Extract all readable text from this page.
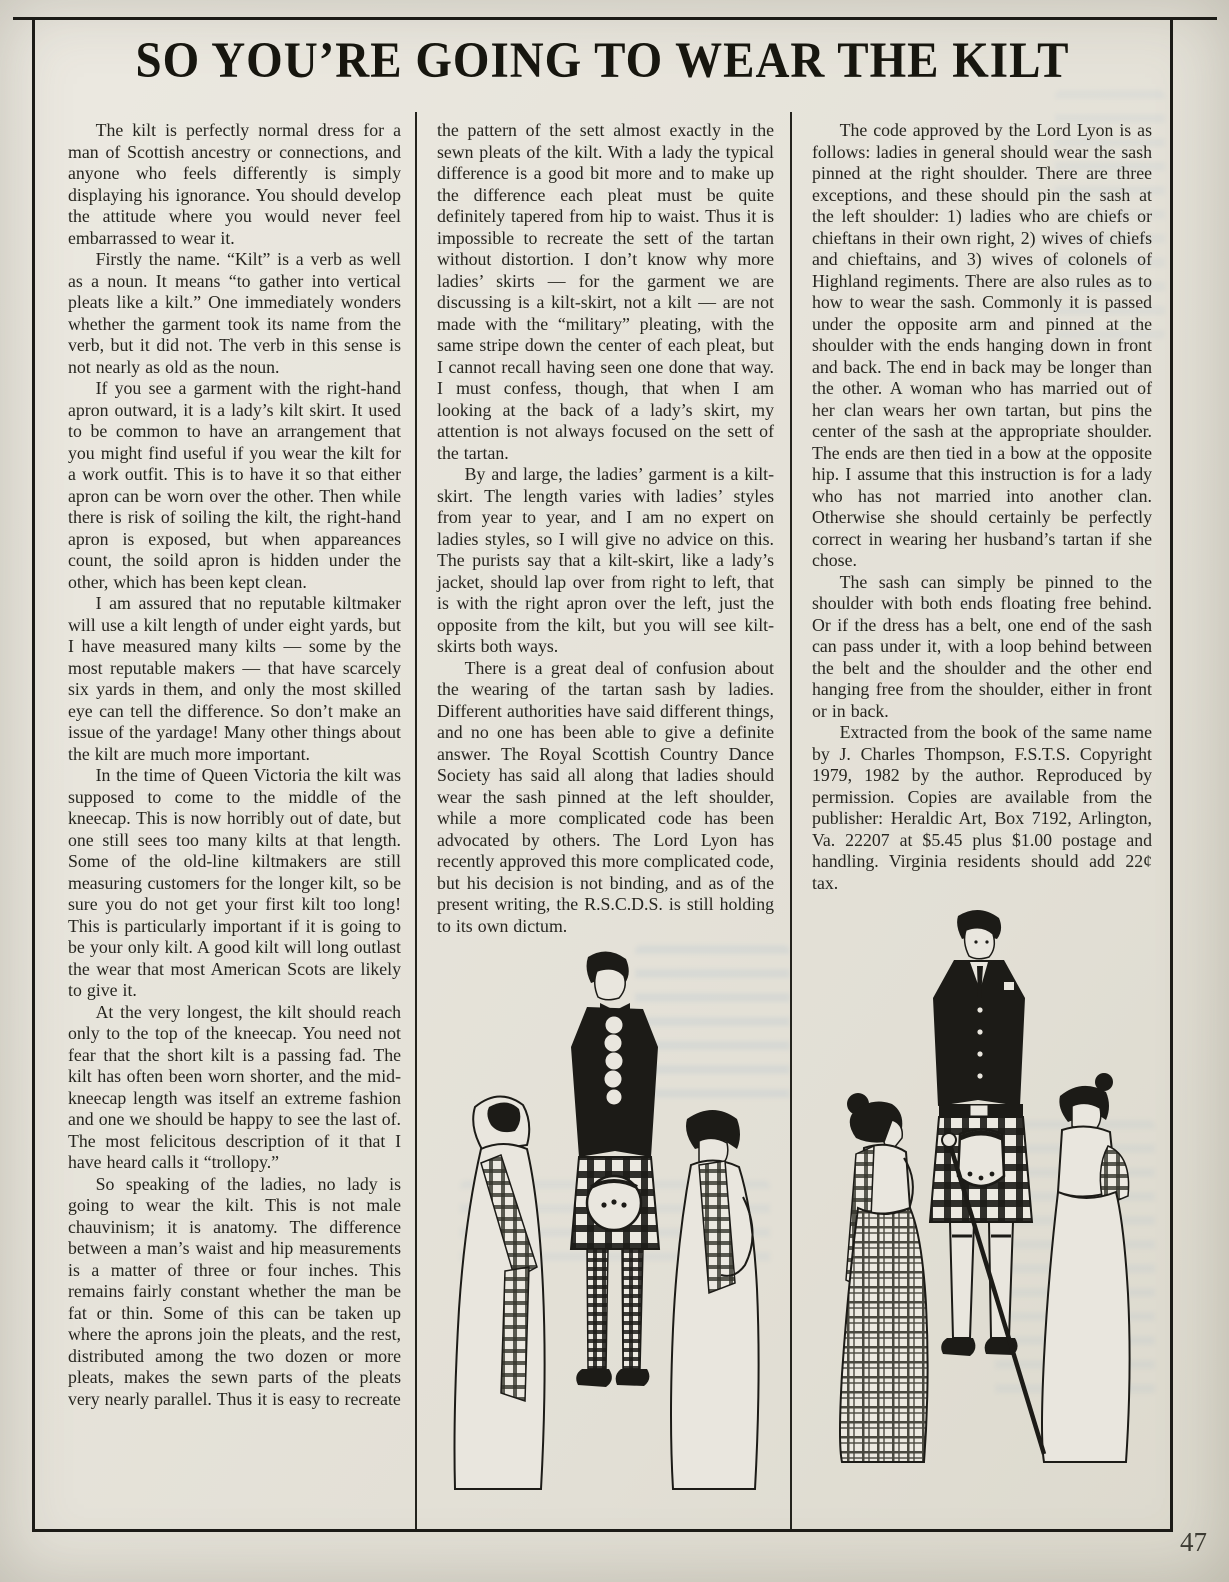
SO YOU’RE GOING TO WEAR THE KILT

The kilt is perfectly normal dress for a man of Scottish ancestry or connections, and anyone who feels differently is simply displaying his ignorance. You should develop the attitude where you would never feel embarrassed to wear it.

Firstly the name. “Kilt” is a verb as well as a noun. It means “to gather into vertical pleats like a kilt.” One immediately wonders whether the garment took its name from the verb, but it did not. The verb in this sense is not nearly as old as the noun.

If you see a garment with the right-hand apron outward, it is a lady’s kilt skirt. It used to be common to have an arrangement that you might find useful if you wear the kilt for a work outfit. This is to have it so that either apron can be worn over the other. Then while there is risk of soiling the kilt, the right-hand apron is exposed, but when appareances count, the soild apron is hidden under the other, which has been kept clean.

I am assured that no reputable kiltmaker will use a kilt length of under eight yards, but I have measured many kilts — some by the most reputable makers — that have scarcely six yards in them, and only the most skilled eye can tell the difference. So don’t make an issue of the yardage! Many other things about the kilt are much more important.

In the time of Queen Victoria the kilt was supposed to come to the middle of the kneecap. This is now horribly out of date, but one still sees too many kilts at that length. Some of the old-line kiltmakers are still measuring customers for the longer kilt, so be sure you do not get your first kilt too long! This is particularly important if it is going to be your only kilt. A good kilt will long outlast the wear that most American Scots are likely to give it.

At the very longest, the kilt should reach only to the top of the kneecap. You need not fear that the short kilt is a passing fad. The kilt has often been worn shorter, and the mid-kneecap length was itself an extreme fashion and one we should be happy to see the last of. The most felicitous description of it that I have heard calls it “trollopy.”

So speaking of the ladies, no lady is going to wear the kilt. This is not male chauvinism; it is anatomy. The difference between a man’s waist and hip measurements is a matter of three or four inches. This remains fairly constant whether the man be fat or thin. Some of this can be taken up where the aprons join the pleats, and the rest, distributed among the two dozen or more pleats, makes the sewn parts of the pleats very nearly parallel. Thus it is easy to recreate

the pattern of the sett almost exactly in the sewn pleats of the kilt. With a lady the typical difference is a good bit more and to make up the difference each pleat must be quite definitely tapered from hip to waist. Thus it is impossible to recreate the sett of the tartan without distortion. I don’t know why more ladies’ skirts — for the garment we are discussing is a kilt-skirt, not a kilt — are not made with the “military” pleating, with the same stripe down the center of each pleat, but I cannot recall having seen one done that way. I must confess, though, that when I am looking at the back of a lady’s skirt, my attention is not always focused on the sett of the tartan.

By and large, the ladies’ garment is a kilt-skirt. The length varies with ladies’ styles from year to year, and I am no expert on ladies styles, so I will give no advice on this. The purists say that a kilt-skirt, like a lady’s jacket, should lap over from right to left, that is with the right apron over the left, just the opposite from the kilt, but you will see kilt-skirts both ways.

There is a great deal of confusion about the wearing of the tartan sash by ladies. Different authorities have said different things, and no one has been able to give a definite answer. The Royal Scottish Country Dance Society has said all along that ladies should wear the sash pinned at the left shoulder, while a more complicated code has been advocated by others. The Lord Lyon has recently approved this more complicated code, but his decision is not binding, and as of the present writing, the R.S.C.D.S. is still holding to its own dictum.

The code approved by the Lord Lyon is as follows: ladies in general should wear the sash pinned at the right shoulder. There are three exceptions, and these should pin the sash at the left shoulder: 1) ladies who are chiefs or chieftans in their own right, 2) wives of chiefs and chieftains, and 3) wives of colonels of Highland regiments. There are also rules as to how to wear the sash. Commonly it is passed under the opposite arm and pinned at the shoulder with the ends hanging down in front and back. The end in back may be longer than the other. A woman who has married out of her clan wears her own tartan, but pins the center of the sash at the appropriate shoulder. The ends are then tied in a bow at the opposite hip. I assume that this instruction is for a lady who has not married into another clan. Otherwise she should certainly be perfectly correct in wearing her husband’s tartan if she chose.

The sash can simply be pinned to the shoulder with both ends floating free behind. Or if the dress has a belt, one end of the sash can pass under it, with a loop behind between the belt and the shoulder and the other end hanging free from the shoulder, either in front or in back.

Extracted from the book of the same name by J. Charles Thompson, F.S.T.S. Copyright 1979, 1982 by the author. Reproduced by permission. Copies are available from the publisher: Heraldic Art, Box 7192, Arlington, Va. 22207 at $5.45 plus $1.00 postage and handling. Virginia residents should add 22¢ tax.

47
